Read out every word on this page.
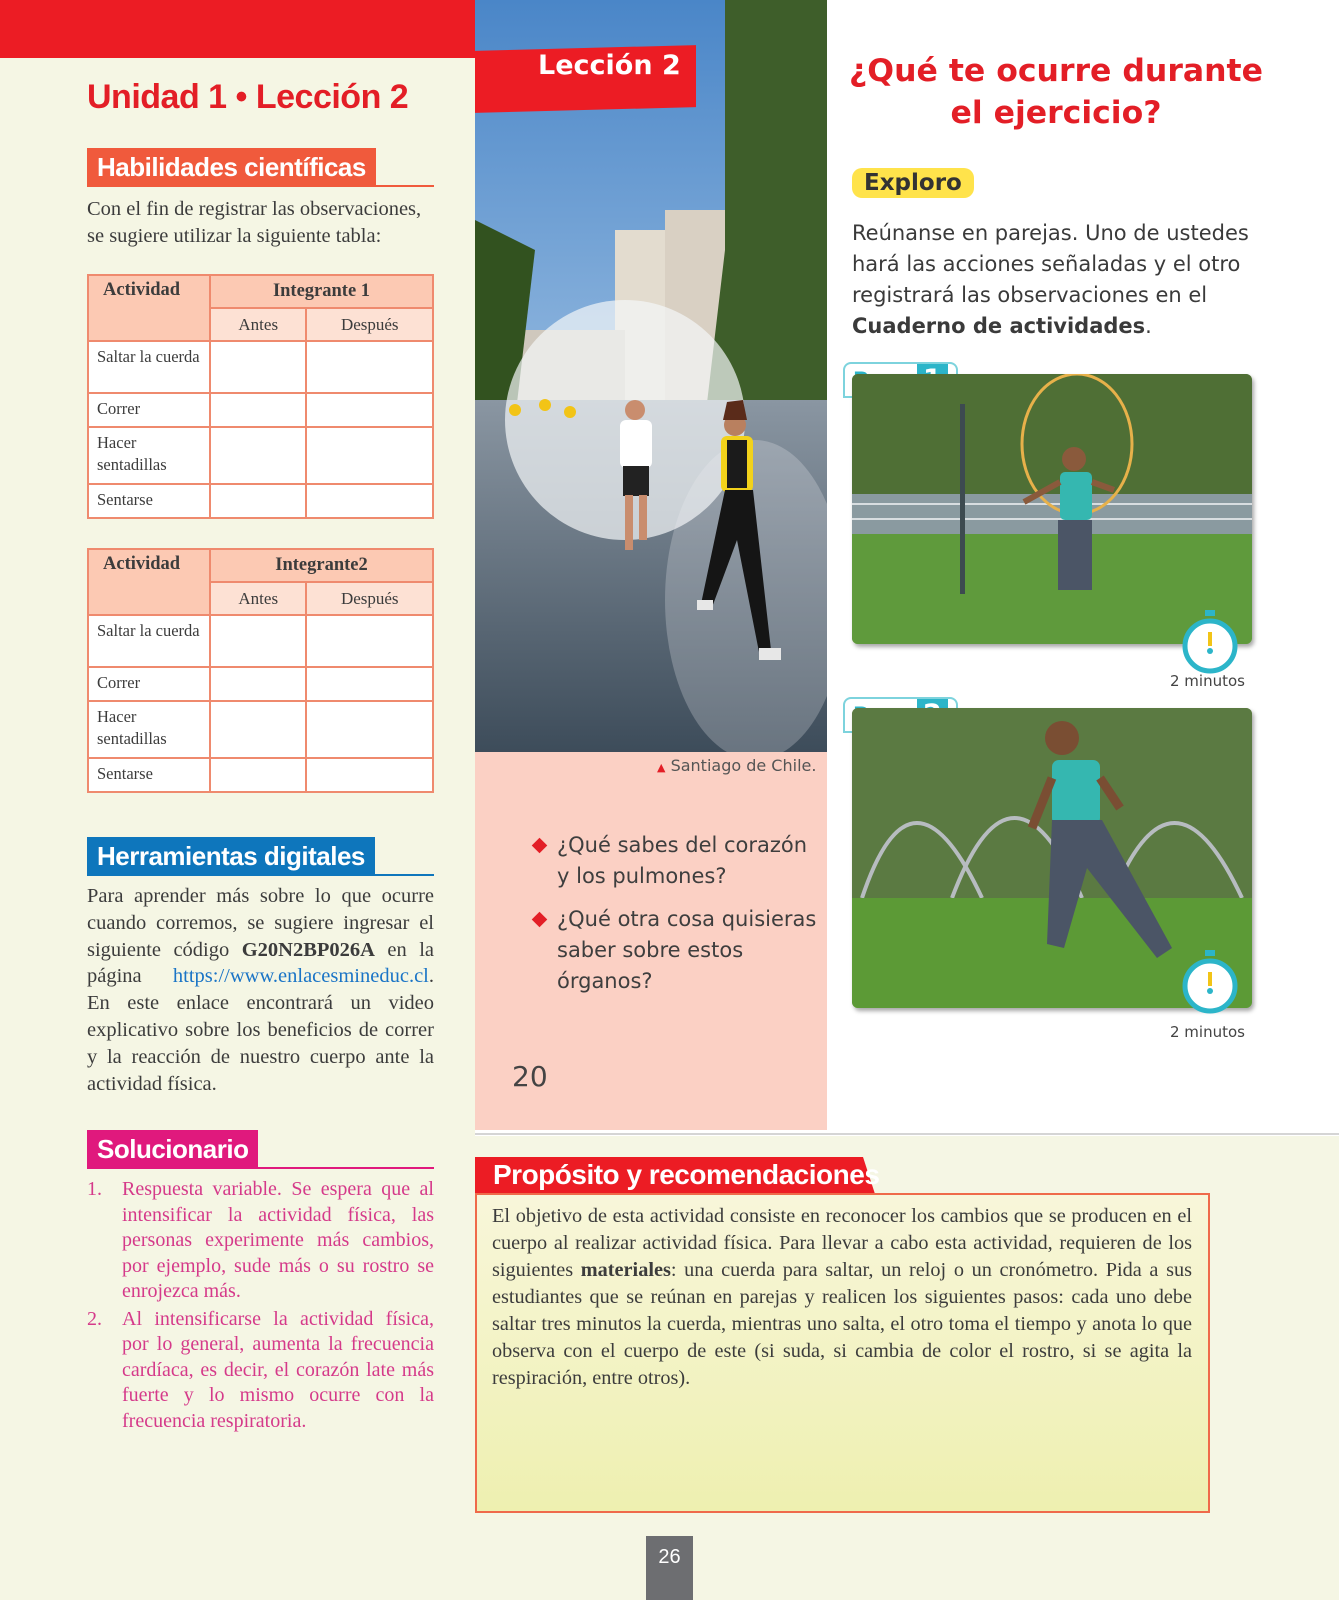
Unidad 1 • Lección 2
Habilidades científicas
Con el fin de registrar las observaciones, se sugiere utilizar la siguiente tabla:
Actividad	Integrante 1	
	Antes	Después
Saltar la cuerda		
Correr		
Hacer sentadillas		
Sentarse		
Actividad	Integrante2	
	Antes	Después
Saltar la cuerda		
Correr		
Hacer sentadillas		
Sentarse		
Herramientas digitales
Para aprender más sobre lo que ocurre cuando corremos, se sugiere ingresar el siguiente código G20N2BP026A en la página https://www.enlacesmineduc.cl. En este enlace encontrará un video explicativo sobre los beneficios de correr y la reacción de nuestro cuerpo ante la actividad física.
Solucionario
1. Respuesta variable. Se espera que al intensificar la actividad física, las personas experimente más cambios, por ejemplo, sude más o su rostro se enrojezca más.
2. Al intensificarse la actividad física, por lo general, aumenta la frecuencia cardíaca, es decir, el corazón late más fuerte y lo mismo ocurre con la frecuencia respiratoria.
Lección 2
▲ Santiago de Chile.
¿Qué sabes del corazón y los pulmones?
¿Qué otra cosa quisieras saber sobre estos órganos?
20
¿Qué te ocurre durante el ejercicio?
Exploro
Reúnanse en parejas. Uno de ustedes hará las acciones señaladas y el otro registrará las observaciones en el Cuaderno de actividades.
2 minutos
2 minutos
Propósito y recomendaciones
El objetivo de esta actividad consiste en reconocer los cambios que se producen en el cuerpo al realizar actividad física. Para llevar a cabo esta actividad, requieren de los siguientes materiales: una cuerda para saltar, un reloj o un cronómetro. Pida a sus estudiantes que se reúnan en parejas y realicen los siguientes pasos: cada uno debe saltar tres minutos la cuerda, mientras uno salta, el otro toma el tiempo y anota lo que observa con el cuerpo de este (si suda, si cambia de color el rostro, si se agita la respiración, entre otros).
26
